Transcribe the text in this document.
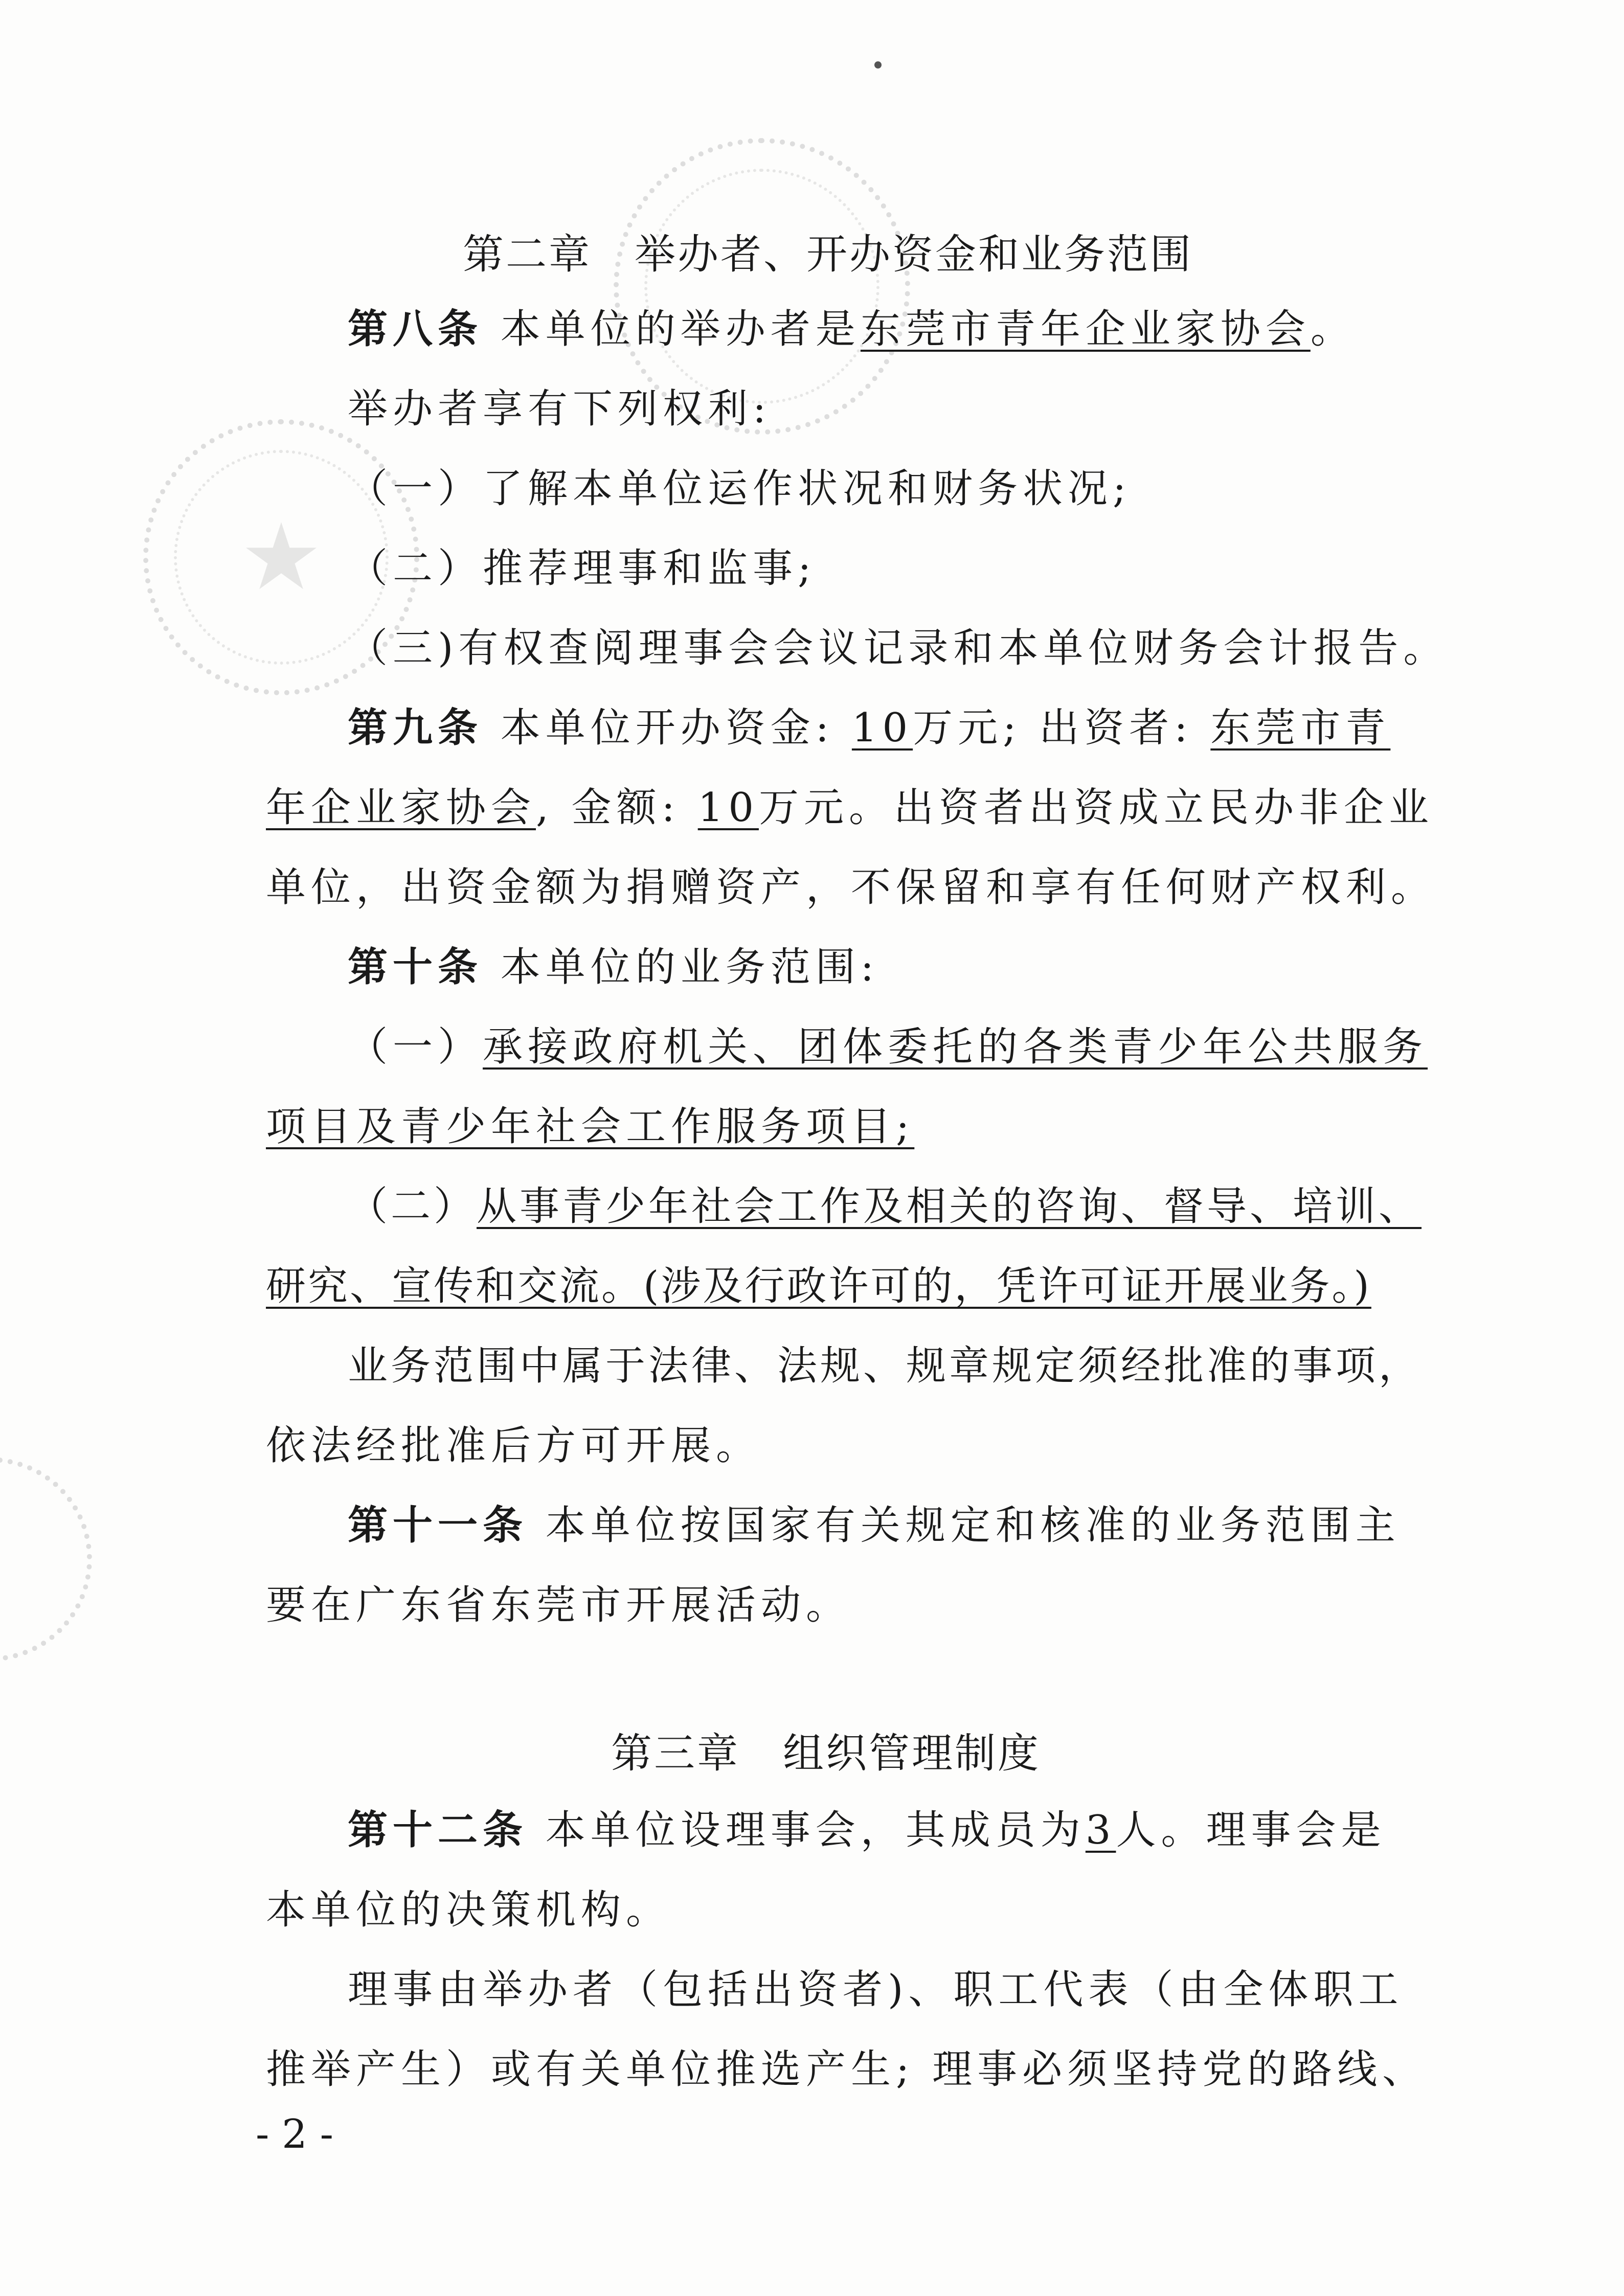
★
第二章　举办者、开办资金和业务范围
第八条 本单位的举办者是东莞市青年企业家协会。
举办者享有下列权利:
（一）了解本单位运作状况和财务状况;
（二）推荐理事和监事;
（三)有权查阅理事会会议记录和本单位财务会计报告。
第九条 本单位开办资金: 10万元; 出资者: 东莞市青
年企业家协会, 金额: 10万元。出资者出资成立民办非企业
单位，出资金额为捐赠资产，不保留和享有任何财产权利。
第十条 本单位的业务范围:
（一）承接政府机关、团体委托的各类青少年公共服务
项目及青少年社会工作服务项目;
（二）从事青少年社会工作及相关的咨询、督导、培训、
研究、宣传和交流。(涉及行政许可的，凭许可证开展业务。)
业务范围中属于法律、法规、规章规定须经批准的事项，
依法经批准后方可开展。
第十一条 本单位按国家有关规定和核准的业务范围主
要在广东省东莞市开展活动。
第三章　组织管理制度
第十二条 本单位设理事会，其成员为3人。理事会是
本单位的决策机构。
理事由举办者（包括出资者)、职工代表（由全体职工
推举产生）或有关单位推选产生; 理事必须坚持党的路线、
- 2 -
